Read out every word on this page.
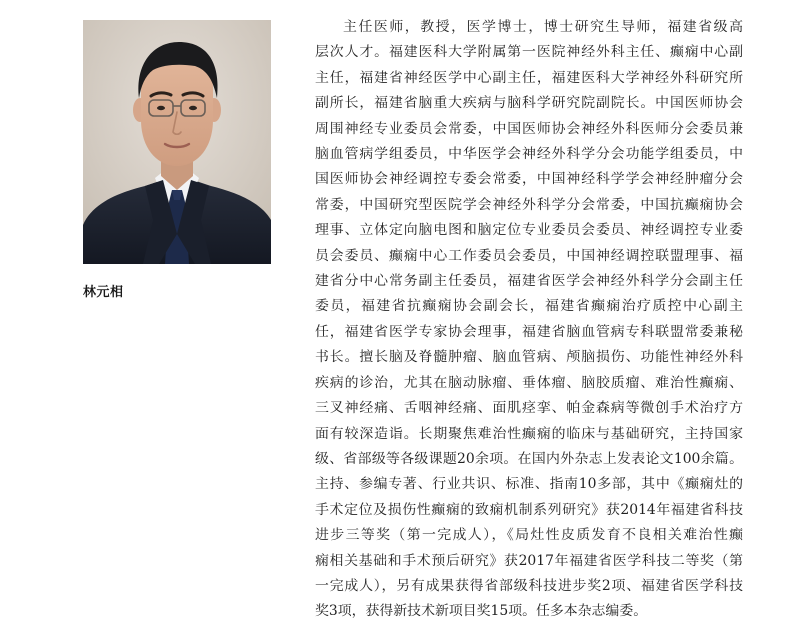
林元相

主任医师，教授，医学博士，博士研究生导师，福建省级高
层次人才。福建医科大学附属第一医院神经外科主任、癫痫中心副
主任，福建省神经医学中心副主任，福建医科大学神经外科研究所
副所长，福建省脑重大疾病与脑科学研究院副院长。中国医师协会
周围神经专业委员会常委，中国医师协会神经外科医师分会委员兼
脑血管病学组委员，中华医学会神经外科学分会功能学组委员，中
国医师协会神经调控专委会常委，中国神经科学学会神经肿瘤分会
常委，中国研究型医院学会神经外科学分会常委，中国抗癫痫协会
理事、立体定向脑电图和脑定位专业委员会委员、神经调控专业委
员会委员、癫痫中心工作委员会委员，中国神经调控联盟理事、福
建省分中心常务副主任委员，福建省医学会神经外科学分会副主任
委员，福建省抗癫痫协会副会长，福建省癫痫治疗质控中心副主
任，福建省医学专家协会理事，福建省脑血管病专科联盟常委兼秘
书长。擅长脑及脊髓肿瘤、脑血管病、颅脑损伤、功能性神经外科
疾病的诊治，尤其在脑动脉瘤、垂体瘤、脑胶质瘤、难治性癫痫、
三叉神经痛、舌咽神经痛、面肌痉挛、帕金森病等微创手术治疗方
面有较深造诣。长期聚焦难治性癫痫的临床与基础研究，主持国家
级、省部级等各级课题20余项。在国内外杂志上发表论文100余篇。
主持、参编专著、行业共识、标准、指南10多部，其中《癫痫灶的
手术定位及损伤性癫痫的致痫机制系列研究》获2014年福建省科技
进步三等奖（第一完成人），《局灶性皮质发育不良相关难治性癫
痫相关基础和手术预后研究》获2017年福建省医学科技二等奖（第
一完成人），另有成果获得省部级科技进步奖2项、福建省医学科技
奖3项，获得新技术新项目奖15项。任多本杂志编委。
